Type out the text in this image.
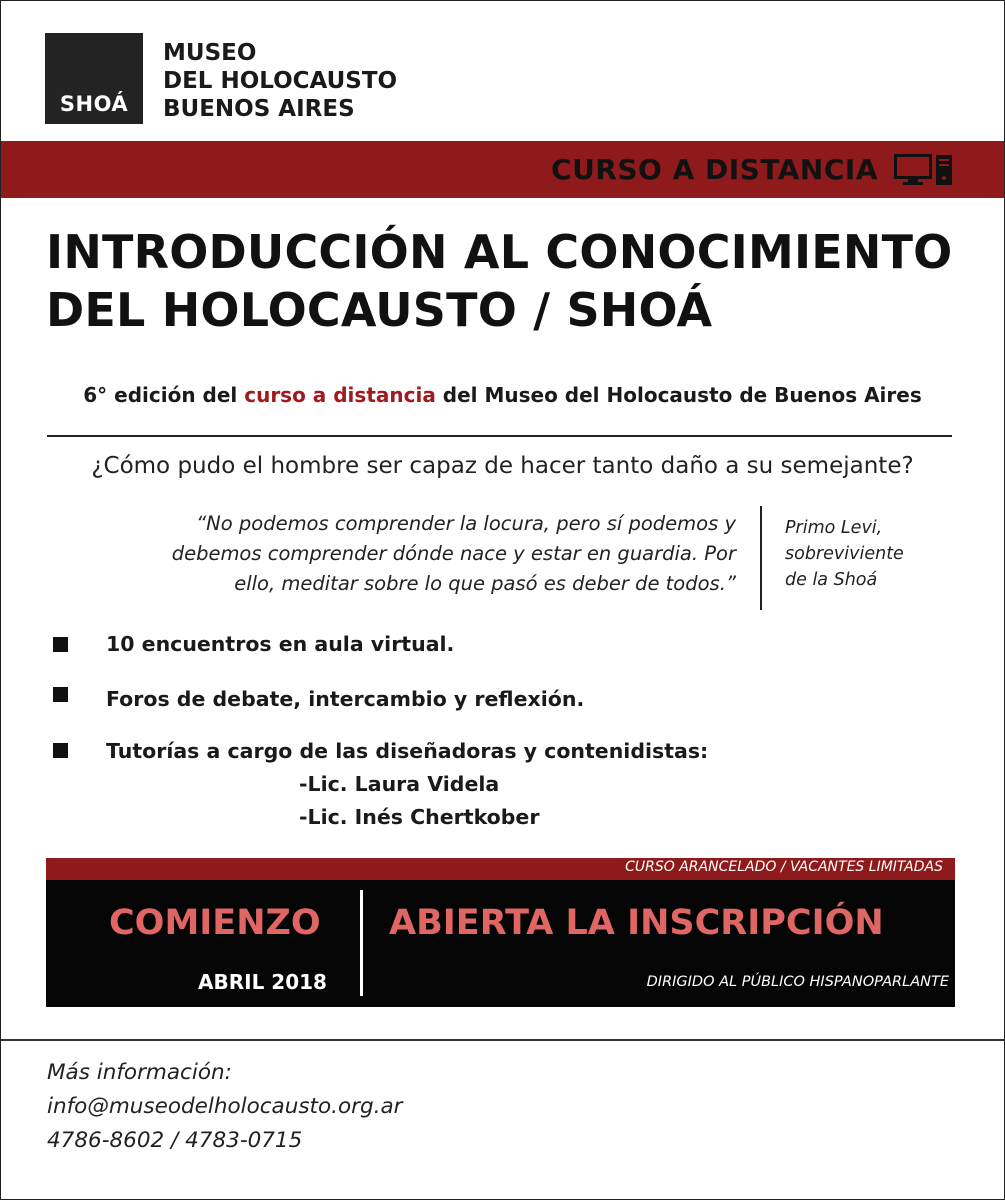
SHOÁ
MUSEO
DEL HOLOCAUSTO
BUENOS AIRES
CURSO A DISTANCIA
INTRODUCCIÓN AL CONOCIMIENTO
DEL HOLOCAUSTO / SHOÁ
6° edición del curso a distancia del Museo del Holocausto de Buenos Aires
¿Cómo pudo el hombre ser capaz de hacer tanto daño a su semejante?
“No podemos comprender la locura, pero sí podemos y
debemos comprender dónde nace y estar en guardia. Por
ello, meditar sobre lo que pasó es deber de todos.”
Primo Levi,
sobreviviente
de la Shoá
10 encuentros en aula virtual.
Foros de debate, intercambio y reflexión.
Tutorías a cargo de las diseñadoras y contenidistas:
-Lic. Laura Videla
-Lic. Inés Chertkober
CURSO ARANCELADO / VACANTES LIMITADAS
COMIENZO
ABRIL 2018
ABIERTA LA INSCRIPCIÓN
DIRIGIDO AL PÚBLICO HISPANOPARLANTE
Más información:
info@museodelholocausto.org.ar
4786-8602 / 4783-0715
